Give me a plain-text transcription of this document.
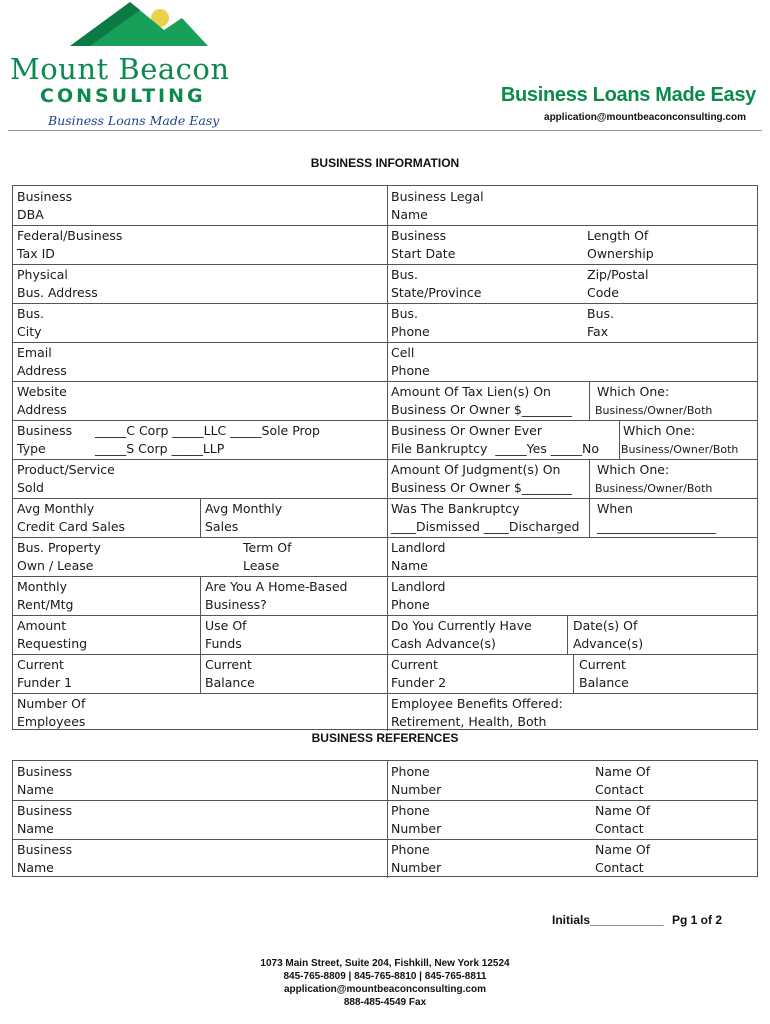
Mount Beacon
CONSULTING
Business Loans Made Easy
Business Loans Made Easy
application@mountbeaconconsulting.com
BUSINESS INFORMATION
Business
DBA
Business Legal
Name
Federal/Business
Tax ID
Business
Start Date
Length Of
Ownership
Physical
Bus. Address
Bus.
State/Province
Zip/Postal
Code
Bus.
City
Bus.
Phone
Bus.
Fax
Email
Address
Cell
Phone
Website
Address
Amount Of Tax Lien(s) On
Business Or Owner $________
Which One:
Business/Owner/Both
Business
Type
_____C Corp _____LLC _____Sole Prop
_____S Corp _____LLP
Business Or Owner Ever
File Bankruptcy  _____Yes _____No
Which One:
Business/Owner/Both
Product/Service
Sold
Amount Of Judgment(s) On
Business Or Owner $________
Which One:
Business/Owner/Both
Avg Monthly
Credit Card Sales
Avg Monthly
Sales
Was The Bankruptcy
____Dismissed ____Discharged
When
___________________
Bus. Property
Own / Lease
Term Of
Lease
Landlord
Name
Monthly
Rent/Mtg
Are You A Home-Based
Business?
Landlord
Phone
Amount
Requesting
Use Of
Funds
Do You Currently Have
Cash Advance(s)
Date(s) Of
Advance(s)
Current
Funder 1
Current
Balance
Current
Funder 2
Current
Balance
Number Of
Employees
Employee Benefits Offered:
Retirement, Health, Both
BUSINESS REFERENCES
Business
Name
Phone
Number
Name Of
Contact
Business
Name
Phone
Number
Name Of
Contact
Business
Name
Phone
Number
Name Of
Contact
Initials___________ Pg 1 of 2
1073 Main Street, Suite 204, Fishkill, New York 12524
845-765-8809 | 845-765-8810 | 845-765-8811
application@mountbeaconconsulting.com
888-485-4549 Fax
